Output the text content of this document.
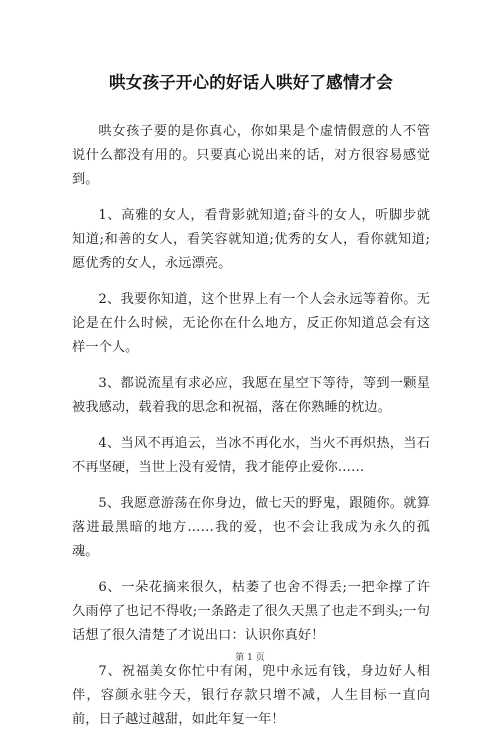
哄女孩子开心的好话人哄好了感情才会

哄女孩子要的是你真心，你如果是个虚情假意的人不管说什么都没有用的。只要真心说出来的话，对方很容易感觉到。

1、高雅的女人，看背影就知道;奋斗的女人，听脚步就知道;和善的女人，看笑容就知道;优秀的女人，看你就知道;愿优秀的女人，永远漂亮。

2、我要你知道，这个世界上有一个人会永远等着你。无论是在什么时候，无论你在什么地方，反正你知道总会有这样一个人。

3、都说流星有求必应，我愿在星空下等待，等到一颗星被我感动，载着我的思念和祝福，落在你熟睡的枕边。

4、当风不再追云，当冰不再化水，当火不再炽热，当石不再坚硬，当世上没有爱情，我才能停止爱你……

5、我愿意游荡在你身边，做七天的野鬼，跟随你。就算落进最黑暗的地方……我的爱，也不会让我成为永久的孤魂。

6、一朵花摘来很久，枯萎了也舍不得丢;一把伞撑了许久雨停了也记不得收;一条路走了很久天黑了也走不到头;一句话想了很久清楚了才说出口：认识你真好！

7、祝福美女你忙中有闲，兜中永远有钱，身边好人相伴，容颜永驻今天，银行存款只增不减，人生目标一直向前，日子越过越甜，如此年复一年！

第 1 页
